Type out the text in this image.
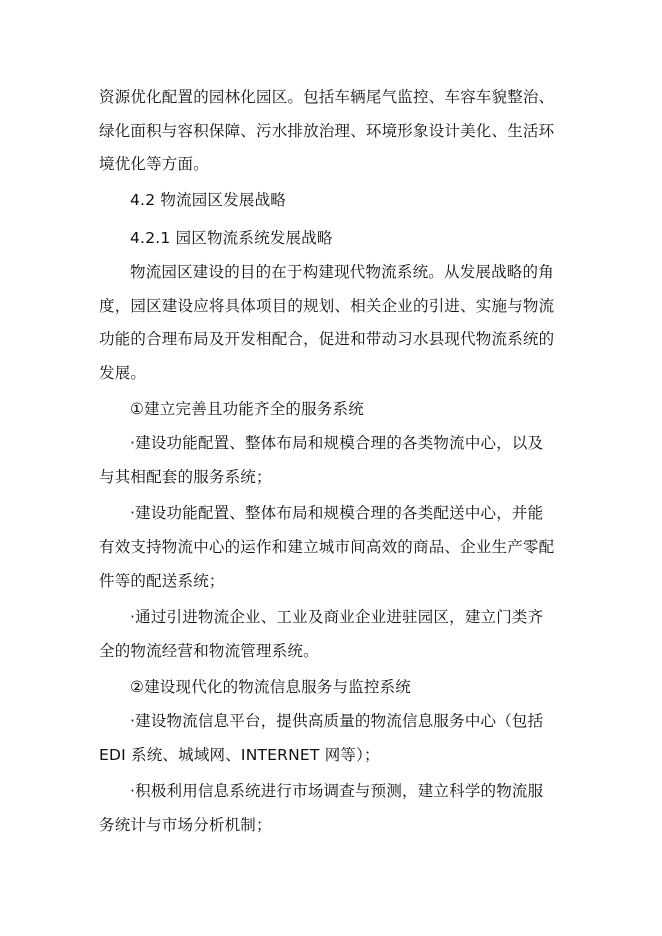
资源优化配置的园林化园区。包括车辆尾气监控、车容车貌整治、
绿化面积与容积保障、污水排放治理、环境形象设计美化、生活环
境优化等方面。
4.2 物流园区发展战略
4.2.1 园区物流系统发展战略
物流园区建设的目的在于构建现代物流系统。从发展战略的角
度，园区建设应将具体项目的规划、相关企业的引进、实施与物流
功能的合理布局及开发相配合，促进和带动习水县现代物流系统的
发展。
①建立完善且功能齐全的服务系统
·建设功能配置、整体布局和规模合理的各类物流中心，以及
与其相配套的服务系统；
·建设功能配置、整体布局和规模合理的各类配送中心，并能
有效支持物流中心的运作和建立城市间高效的商品、企业生产零配
件等的配送系统；
·通过引进物流企业、工业及商业企业进驻园区，建立门类齐
全的物流经营和物流管理系统。
②建设现代化的物流信息服务与监控系统
·建设物流信息平台，提供高质量的物流信息服务中心（包括
EDI 系统、城域网、INTERNET 网等）；
·积极利用信息系统进行市场调查与预测，建立科学的物流服
务统计与市场分析机制；
